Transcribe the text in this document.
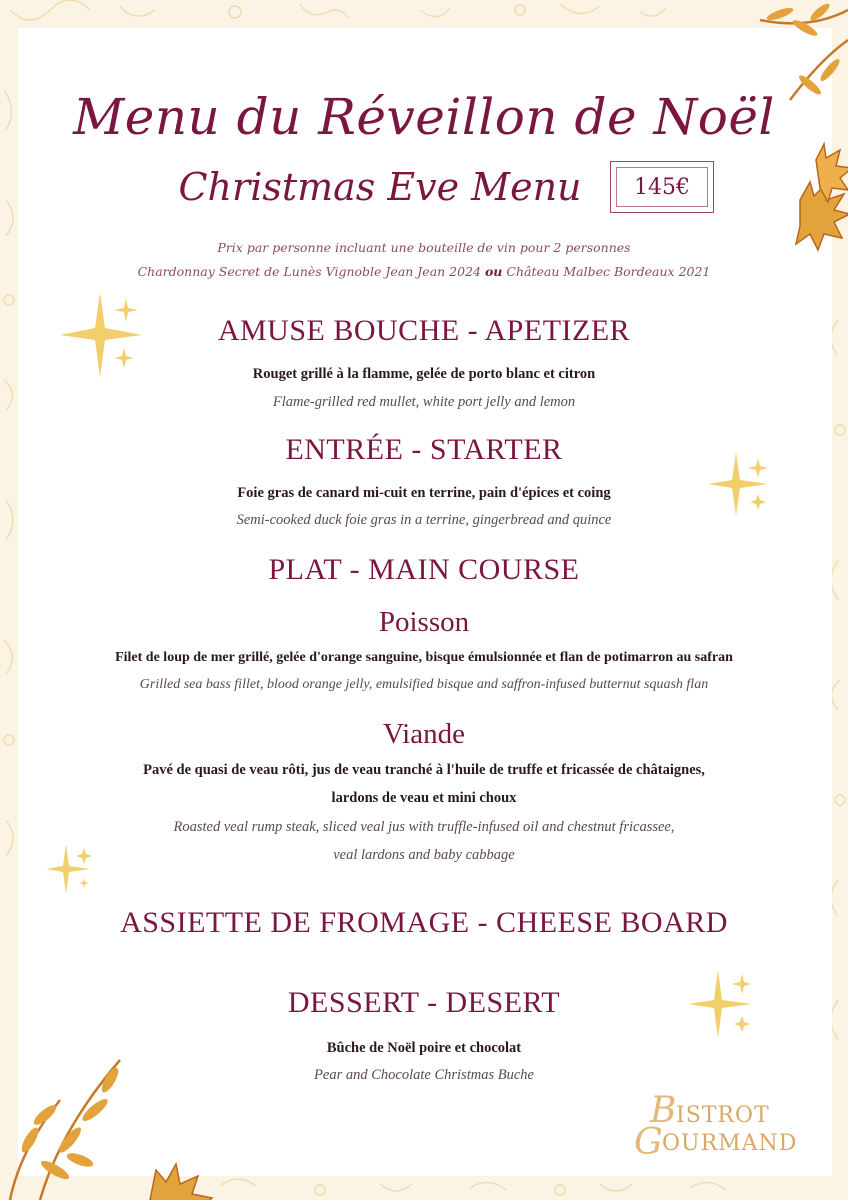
Menu du Réveillon de Noël
Christmas Eve Menu	145€
Prix par personne incluant une bouteille de vin pour 2 personnes
Chardonnay Secret de Lunès Vignoble Jean Jean 2024 ou Château Malbec Bordeaux 2021
AMUSE BOUCHE - APETIZER
Rouget grillé à la flamme, gelée de porto blanc et citron
Flame-grilled red mullet, white port jelly and lemon
ENTRÉE - STARTER
Foie gras de canard mi-cuit en terrine, pain d'épices et coing
Semi-cooked duck foie gras in a terrine, gingerbread and quince
PLAT - MAIN COURSE
Poisson
Filet de loup de mer grillé, gelée d'orange sanguine, bisque émulsionnée et flan de potimarron au safran
Grilled sea bass fillet, blood orange jelly, emulsified bisque and saffron-infused butternut squash flan
Viande
Pavé de quasi de veau rôti, jus de veau tranché à l'huile de truffe et fricassée de châtaignes,
lardons de veau et mini choux
Roasted veal rump steak, sliced veal jus with truffle-infused oil and chestnut fricassee,
veal lardons and baby cabbage
ASSIETTE DE FROMAGE - CHEESE BOARD
DESSERT - DESERT
Bûche de Noël poire et chocolat
Pear and Chocolate Christmas Buche
B ISTROT
G OURMAND
